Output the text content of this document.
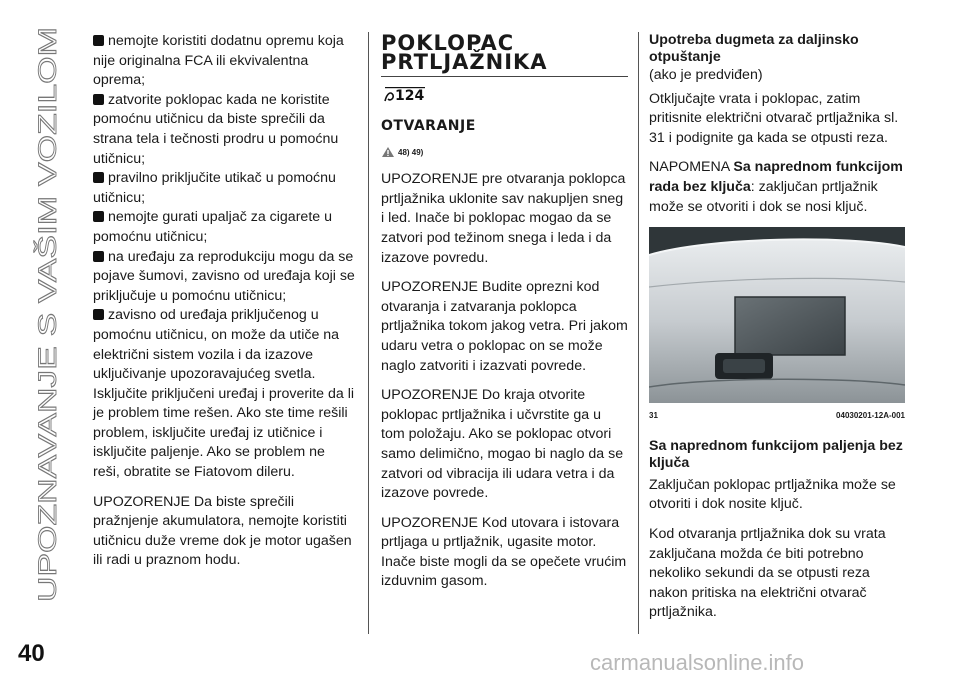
UPOZNAVANJE S VAŠIM VOZILOM
40

nemojte koristiti dodatnu opremu koja nije originalna FCA ili ekvivalentna oprema;

zatvorite poklopac kada ne koristite pomoćnu utičnicu da biste sprečili da strana tela i tečnosti prodru u pomoćnu utičnicu;

pravilno priključite utikač u pomoćnu utičnicu;

nemojte gurati upaljač za cigarete u pomoćnu utičnicu;

na uređaju za reprodukciju mogu da se pojave šumovi, zavisno od uređaja koji se priključuje u pomoćnu utičnicu;

zavisno od uređaja priključenog u pomoćnu utičnicu, on može da utiče na električni sistem vozila i da izazove uključivanje upozoravajućeg svetla. Isključite priključeni uređaj i proverite da li je problem time rešen. Ako ste time rešili problem, isključite uređaj iz utičnice i isključite paljenje. Ako se problem ne reši, obratite se Fiatovom dileru.

UPOZORENJE Da biste sprečili pražnjenje akumulatora, nemojte koristiti utičnicu duže vreme dok je motor ugašen ili radi u praznom hodu.

POKLOPAC
PRTLJAŽNIKA
124
OTVARANJE
48) 49)

UPOZORENJE pre otvaranja poklopca prtljažnika uklonite sav nakupljen sneg i led. Inače bi poklopac mogao da se zatvori pod težinom snega i leda i da izazove povredu.

UPOZORENJE Budite oprezni kod otvaranja i zatvaranja poklopca prtljažnika tokom jakog vetra. Pri jakom udaru vetra o poklopac on se može naglo zatvoriti i izazvati povrede.

UPOZORENJE Do kraja otvorite poklopac prtljažnika i učvrstite ga u tom položaju. Ako se poklopac otvori samo delimično, mogao bi naglo da se zatvori od vibracija ili udara vetra i da izazove povrede.

UPOZORENJE Kod utovara i istovara prtljaga u prtljažnik, ugasite motor. Inače biste mogli da se opečete vrućim izduvnim gasom.

Upotreba dugmeta za daljinsko otpuštanje
(ako je predviđen)

Otključajte vrata i poklopac, zatim pritisnite električni otvarač prtljažnika sl. 31 i podignite ga kada se otpusti reza.

NAPOMENA Sa naprednom funkcijom rada bez ključa: zaključan prtljažnik može se otvoriti i dok se nosi ključ.

31	04030201-12A-001
Sa naprednom funkcijom paljenja bez ključa

Zaključan poklopac prtljažnika može se otvoriti i dok nosite ključ.

Kod otvaranja prtljažnika dok su vrata zaključana možda će biti potrebno nekoliko sekundi da se otpusti reza nakon pritiska na električni otvarač prtljažnika.

carmanualsonline.info
